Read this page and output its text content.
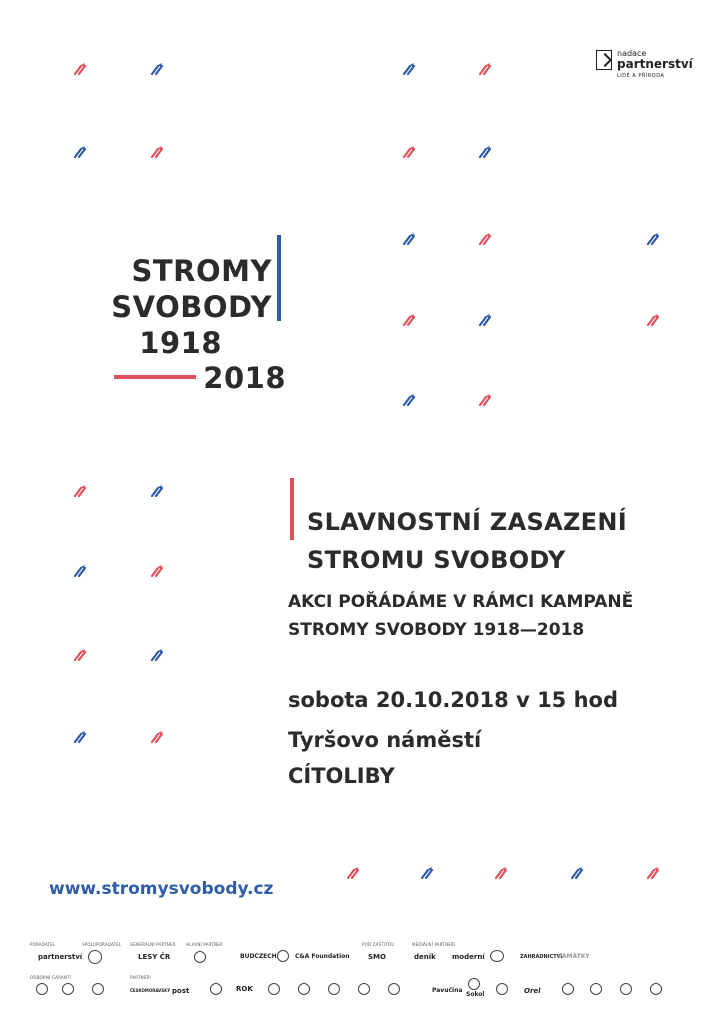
nadace
partnerství
LIDÉ A PŘÍRODA
STROMY
SVOBODY
1918
2018
SLAVNOSTNÍ ZASAZENÍ
STROMU SVOBODY
AKCI POŘÁDÁME V RÁMCI KAMPANĚ
STROMY SVOBODY 1918—2018
sobota 20.10.2018 v 15 hod
Tyršovo náměstí
CÍTOLIBY
www.stromysvobody.cz
POŘADATEL	SPOLUPOŘADATEL GENERÁLNÍ PARTNER	HLAVNÍ PARTNER	POD ZÁŠTITOU	MEDIÁLNÍ PARTNEŘI
ODBORNÍ GARANTI	PARTNEŘI
partnerství	LESY ČR	BUDCZECH	C&A Foundation	SMO	deník moderní	ZAHRADNICTVÍ
PAMÁTKY
ČESKOMORAVSKÝ post	ROK	Pavučina
Sokol	Orel
